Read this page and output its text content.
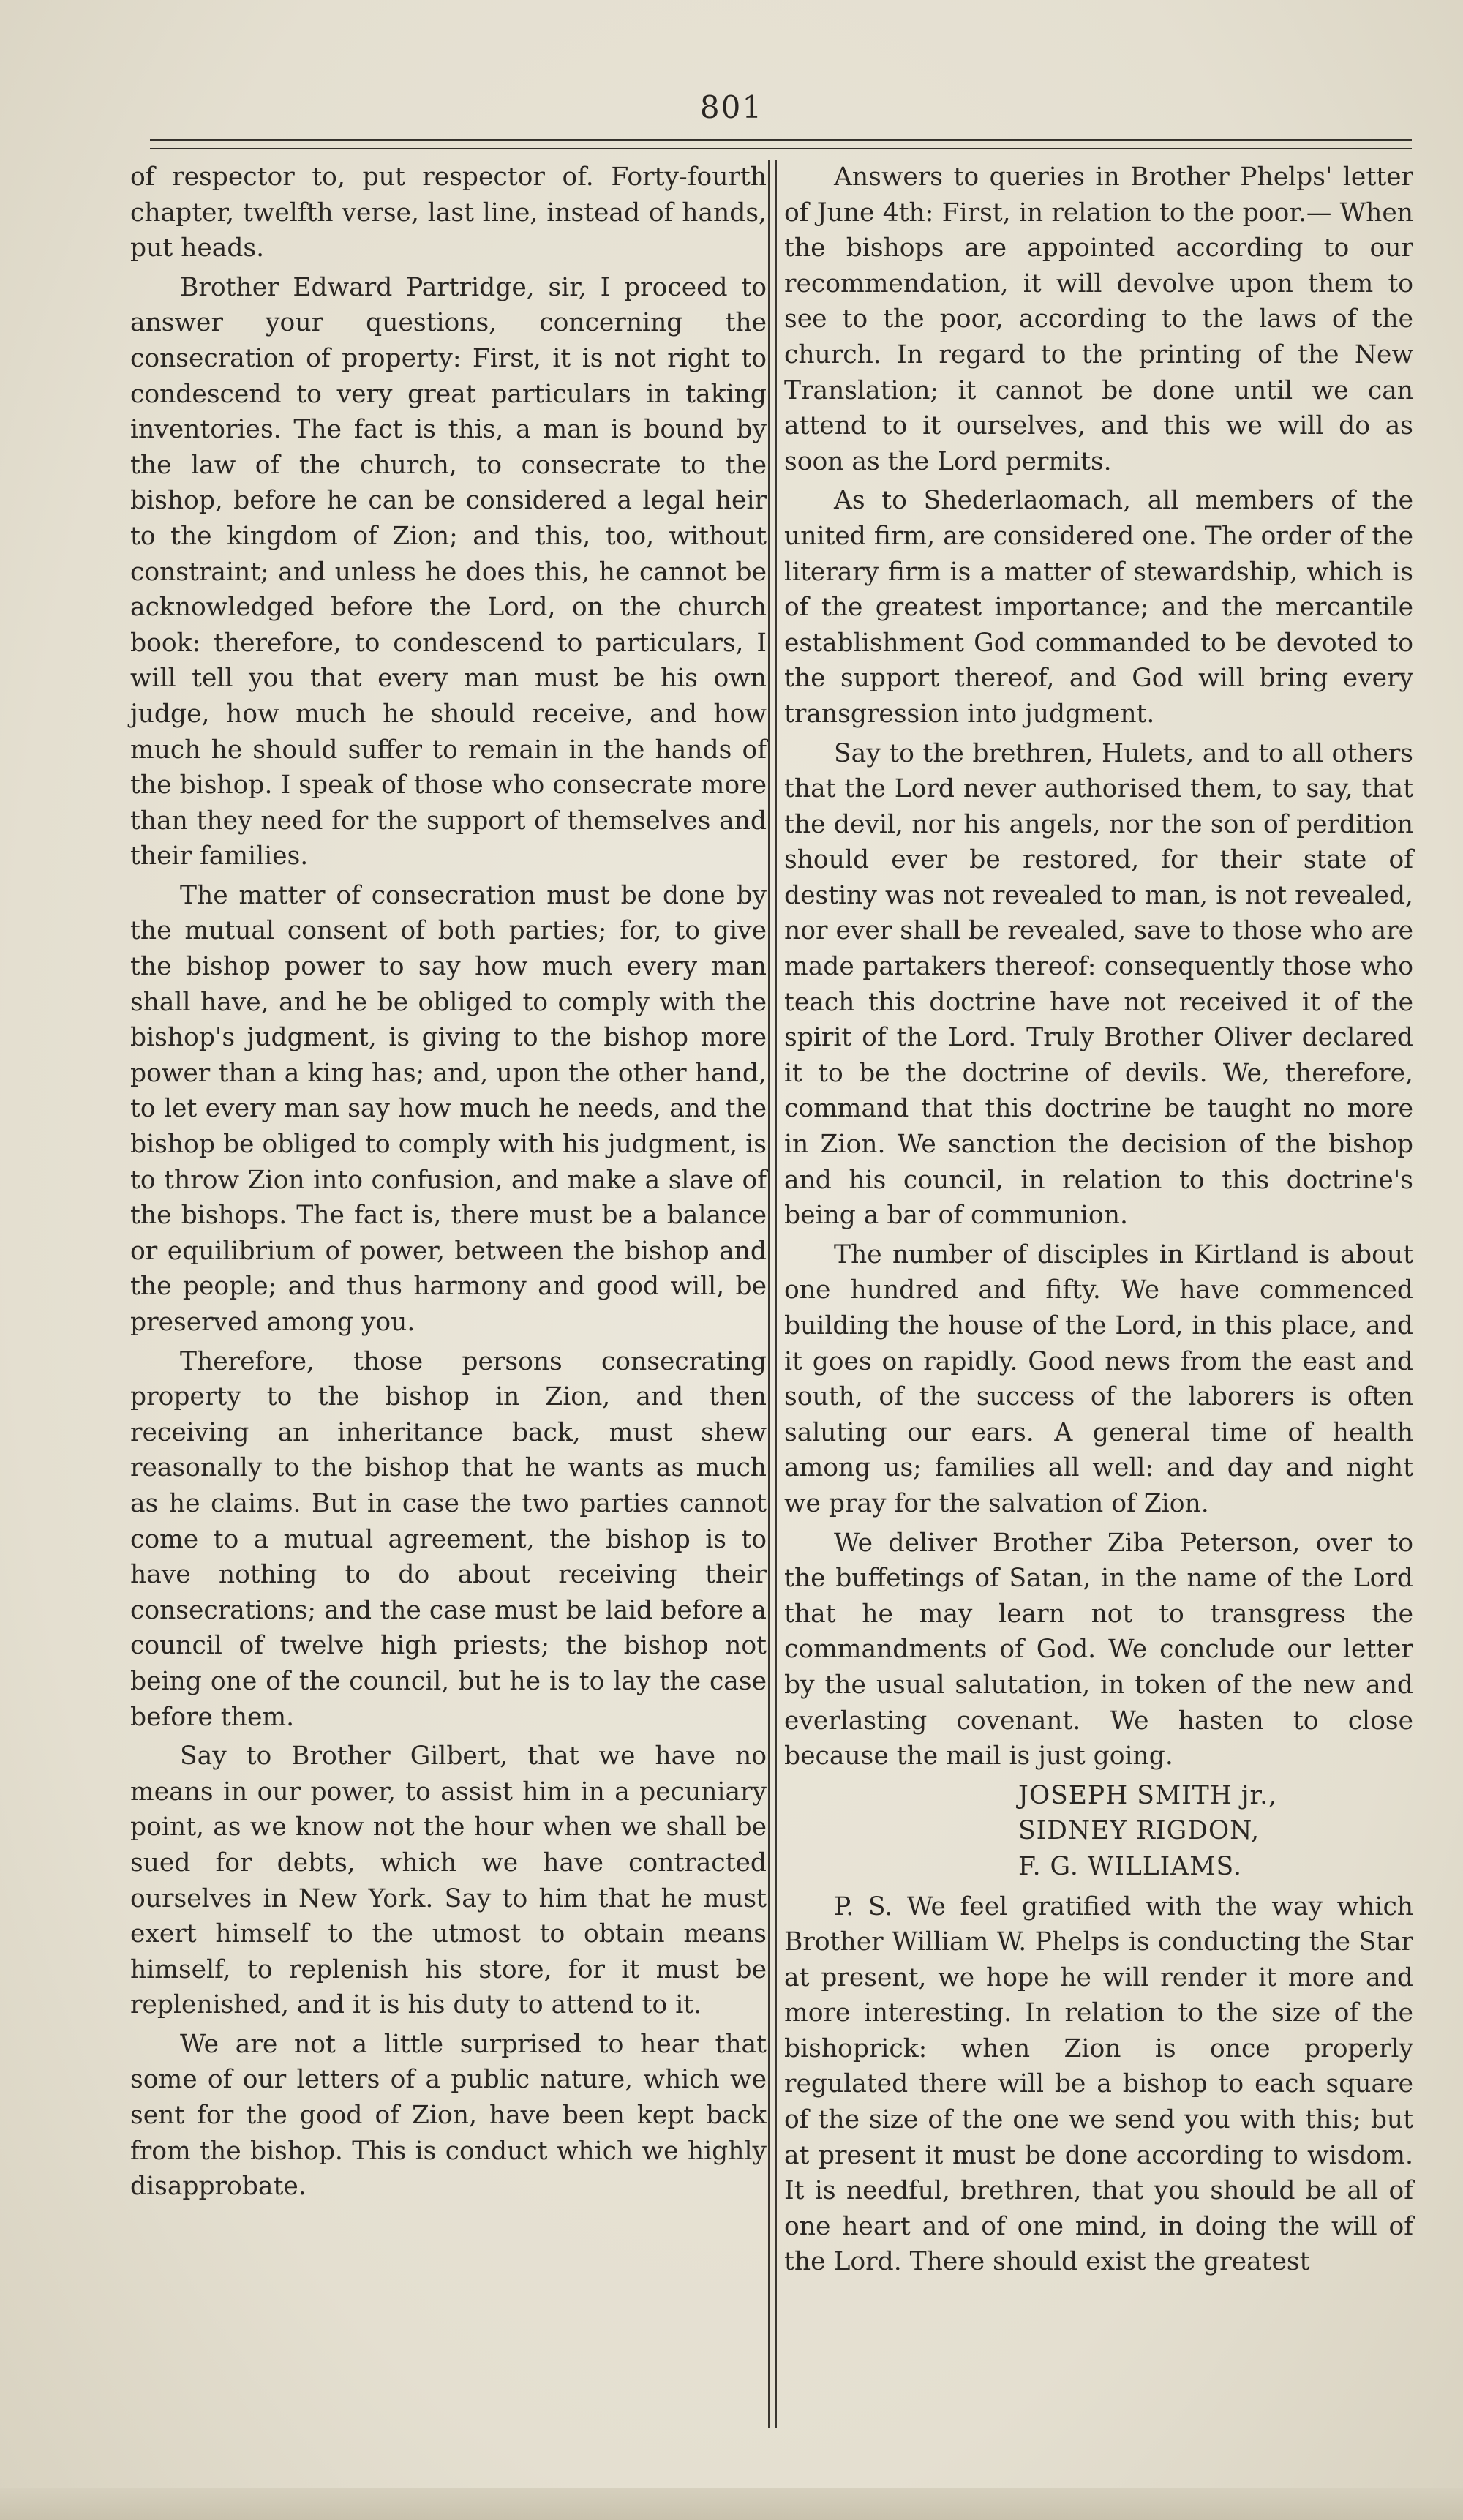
801

of respector to, put respector of. Forty-fourth chapter, twelfth verse, last line, instead of hands, put heads.

Brother Edward Partridge, sir, I proceed to answer your questions, concerning the consecration of property: First, it is not right to condescend to very great particulars in taking inventories. The fact is this, a man is bound by the law of the church, to consecrate to the bishop, before he can be considered a legal heir to the kingdom of Zion; and this, too, without constraint; and unless he does this, he cannot be acknowledged before the Lord, on the church book: therefore, to condescend to particulars, I will tell you that every man must be his own judge, how much he should receive, and how much he should suffer to remain in the hands of the bishop. I speak of those who consecrate more than they need for the support of themselves and their families.

The matter of consecration must be done by the mutual consent of both parties; for, to give the bishop power to say how much every man shall have, and he be obliged to comply with the bishop's judgment, is giving to the bishop more power than a king has; and, upon the other hand, to let every man say how much he needs, and the bishop be obliged to comply with his judgment, is to throw Zion into confusion, and make a slave of the bishops. The fact is, there must be a balance or equilibrium of power, between the bishop and the people; and thus harmony and good will, be preserved among you.

Therefore, those persons consecrating property to the bishop in Zion, and then receiving an inheritance back, must shew reasonally to the bishop that he wants as much as he claims. But in case the two parties cannot come to a mutual agreement, the bishop is to have nothing to do about receiving their consecrations; and the case must be laid before a council of twelve high priests; the bishop not being one of the council, but he is to lay the case before them.

Say to Brother Gilbert, that we have no means in our power, to assist him in a pecuniary point, as we know not the hour when we shall be sued for debts, which we have contracted ourselves in New York. Say to him that he must exert himself to the utmost to obtain means himself, to replenish his store, for it must be replenished, and it is his duty to attend to it.

We are not a little surprised to hear that some of our letters of a public nature, which we sent for the good of Zion, have been kept back from the bishop. This is conduct which we highly disapprobate.

Answers to queries in Brother Phelps' letter of June 4th: First, in relation to the poor.— When the bishops are appointed according to our recommendation, it will devolve upon them to see to the poor, according to the laws of the church. In regard to the printing of the New Translation; it cannot be done until we can attend to it ourselves, and this we will do as soon as the Lord permits.

As to Shederlaomach, all members of the united firm, are considered one. The order of the literary firm is a matter of stewardship, which is of the greatest importance; and the mercantile establishment God commanded to be devoted to the support thereof, and God will bring every transgression into judgment.

Say to the brethren, Hulets, and to all others that the Lord never authorised them, to say, that the devil, nor his angels, nor the son of perdition should ever be restored, for their state of destiny was not revealed to man, is not revealed, nor ever shall be revealed, save to those who are made partakers thereof: consequently those who teach this doctrine have not received it of the spirit of the Lord. Truly Brother Oliver declared it to be the doctrine of devils. We, therefore, command that this doctrine be taught no more in Zion. We sanction the decision of the bishop and his council, in relation to this doctrine's being a bar of communion.

The number of disciples in Kirtland is about one hundred and fifty. We have commenced building the house of the Lord, in this place, and it goes on rapidly. Good news from the east and south, of the success of the laborers is often saluting our ears. A general time of health among us; families all well: and day and night we pray for the salvation of Zion.

We deliver Brother Ziba Peterson, over to the buffetings of Satan, in the name of the Lord that he may learn not to transgress the commandments of God. We conclude our letter by the usual salutation, in token of the new and everlasting covenant. We hasten to close because the mail is just going.

JOSEPH SMITH jr.,
SIDNEY RIGDON,
F. G. WILLIAMS.

P. S. We feel gratified with the way which Brother William W. Phelps is conducting the Star at present, we hope he will render it more and more interesting. In relation to the size of the bishoprick: when Zion is once properly regulated there will be a bishop to each square of the size of the one we send you with this; but at present it must be done according to wisdom. It is needful, brethren, that you should be all of one heart and of one mind, in doing the will of the Lord. There should exist the greatest
